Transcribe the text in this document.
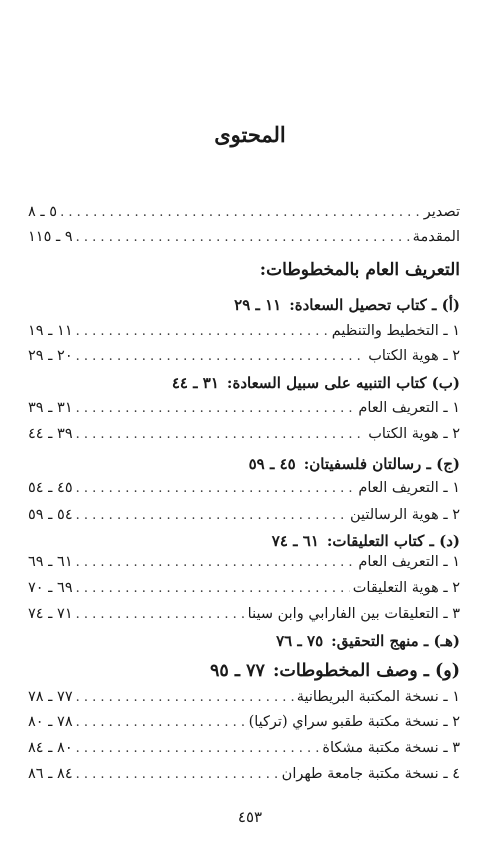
المحتوى
تصدير
. . .
٥ ـ ٨
المقدمة
. . .
٩ ـ ١١٥
التعريف العام بالمخطوطات:
(أ) ـ كتاب تحصيل السعادة:١١ ـ ٢٩
١ ـ التخطيط والتنظيم
. . .
١١ ـ ١٩
٢ ـ هوية الكتاب
. . .
٢٠ ـ ٢٩
(ب) كتاب التنبيه على سبيل السعادة:٣١ ـ ٤٤
١ ـ التعريف العام
. . .
٣١ ـ ٣٩
٢ ـ هوية الكتاب
. . .
٣٩ ـ ٤٤
(ج) ـ رسالتان فلسفيتان:٤٥ ـ ٥٩
١ ـ التعريف العام
. . .
٤٥ ـ ٥٤
٢ ـ هوية الرسالتين
. . .
٥٤ ـ ٥٩
(د) ـ كتاب التعليقات:٦١ ـ ٧٤
١ ـ التعريف العام
. . .
٦١ ـ ٦٩
٢ ـ هوية التعليقات
. . .
٦٩ ـ ٧٠
٣ ـ التعليقات بين الفارابي وابن سينا
. . .
٧١ ـ ٧٤
(هـ) ـ منهج التحقيق:٧٥ ـ ٧٦
(و) ـ وصف المخطوطات:٧٧ ـ ٩٥
١ ـ نسخة المكتبة البريطانية
. . .
٧٧ ـ ٧٨
٢ ـ نسخة مكتبة طقبو سراي (تركيا)
. . .
٧٨ ـ ٨٠
٣ ـ نسخة مكتبة مشكاة
. . .
٨٠ ـ ٨٤
٤ ـ نسخة مكتبة جامعة طهران
. . .
٨٤ ـ ٨٦
٤٥٣
